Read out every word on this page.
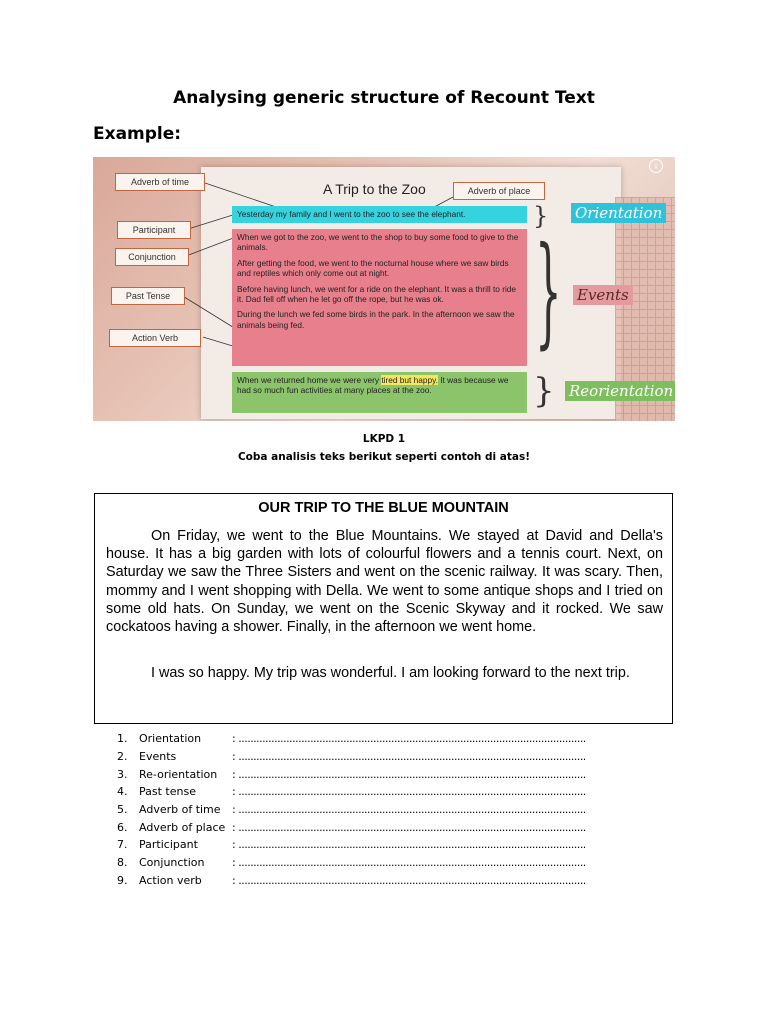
Analysing generic structure of Recount Text
Example:
i
Adverb of time	A Trip to the Zoo	Adverb of place
Participant
Conjunction
Past Tense
Action Verb
Yesterday my family and I went to the zoo to see the elephant.

When we got to the zoo, we went to the shop to buy some food to give to the animals.

After getting the food, we went to the nocturnal house where we saw birds and reptiles which only come out at night.

Before having lunch, we went for a ride on the elephant. It was a thrill to ride it. Dad fell off when he let go off the rope, but he was ok.

During the lunch we fed some birds in the park. In the afternoon we saw the animals being fed.

When we returned home we were very tired but happy. It was because we had so much fun activities at many places at the zoo.
}
}
}
Orientation
Events
Reorientation
LKPD 1
Coba analisis teks berikut seperti contoh di atas!
OUR TRIP TO THE BLUE MOUNTAIN
On Friday, we went to the Blue Mountains. We stayed at David and Della's house. It has a big garden with lots of colourful flowers and a tennis court. Next, on Saturday we saw the Three Sisters and went on the scenic railway. It was scary. Then, mommy and I went shopping with Della. We went to some antique shops and I tried on some old hats. On Sunday, we went on the Scenic Skyway and it rocked. We saw cockatoos having a shower. Finally, in the afternoon we went home.
I was so happy. My trip was wonderful. I am looking forward to the next trip.
1.	Orientation	: ....................................................................................................................
2.	Events	: ....................................................................................................................
3.	Re-orientation	: ....................................................................................................................
4.	Past tense	: ....................................................................................................................
5.	Adverb of time	: ....................................................................................................................
6.	Adverb of place : ....................................................................................................................
7.	Participant	: ....................................................................................................................
8.	Conjunction	: ....................................................................................................................
9.	Action verb	: ....................................................................................................................
